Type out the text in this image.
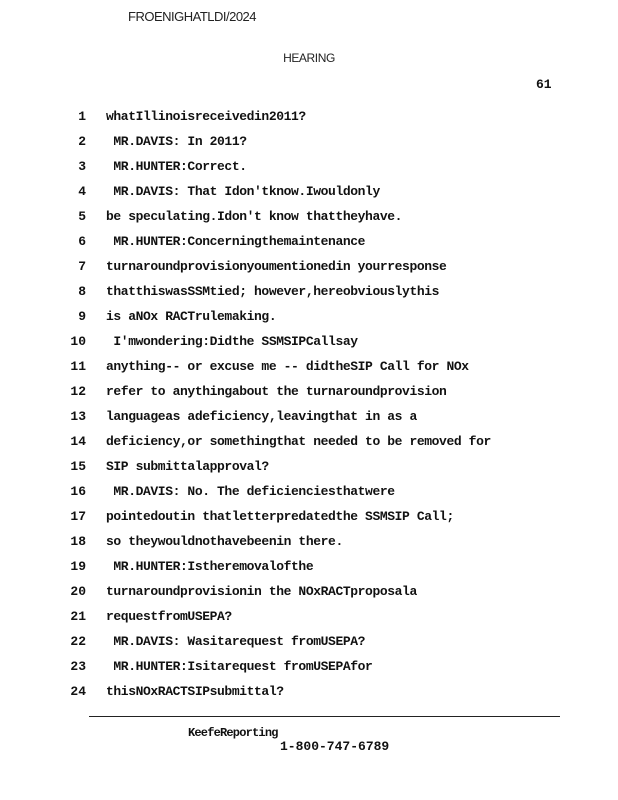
FROENIGHATLDI/2024
HEARING
61
1 whatIllinoisreceivedin2011?
2 MR.DAVIS: In 2011?
3 MR.HUNTER:Correct.
4 MR.DAVIS: That Idon'tknow.Iwouldonly
5 be speculating.Idon't know thattheyhave.
6 MR.HUNTER:Concerningthemaintenance
7 turnaroundprovisionyoumentionedin yourresponse
8 thatthiswasSSMtied; however,hereobviouslythis
9 is aNOx RACTrulemaking.
10 I'mwondering:Didthe SSMSIPCallsay
11 anything-- or excuse me -- didtheSIP Call for NOx
12 refer to anythingabout the turnaroundprovision
13 languageas adeficiency,leavingthat in as a
14 deficiency,or somethingthat needed to be removed for
15 SIP submittalapproval?
16 MR.DAVIS: No. The deficienciesthatwere
17 pointedoutin thatletterpredatedthe SSMSIP Call;
18 so theywouldnothavebeenin there.
19 MR.HUNTER:Istheremovalofthe
20 turnaroundprovisionin the NOxRACTproposala
21 requestfromUSEPA?
22 MR.DAVIS: Wasitarequest fromUSEPA?
23 MR.HUNTER:Isitarequest fromUSEPAfor
24 thisNOxRACTSIPsubmittal?
KeefeReporting
1-800-747-6789
